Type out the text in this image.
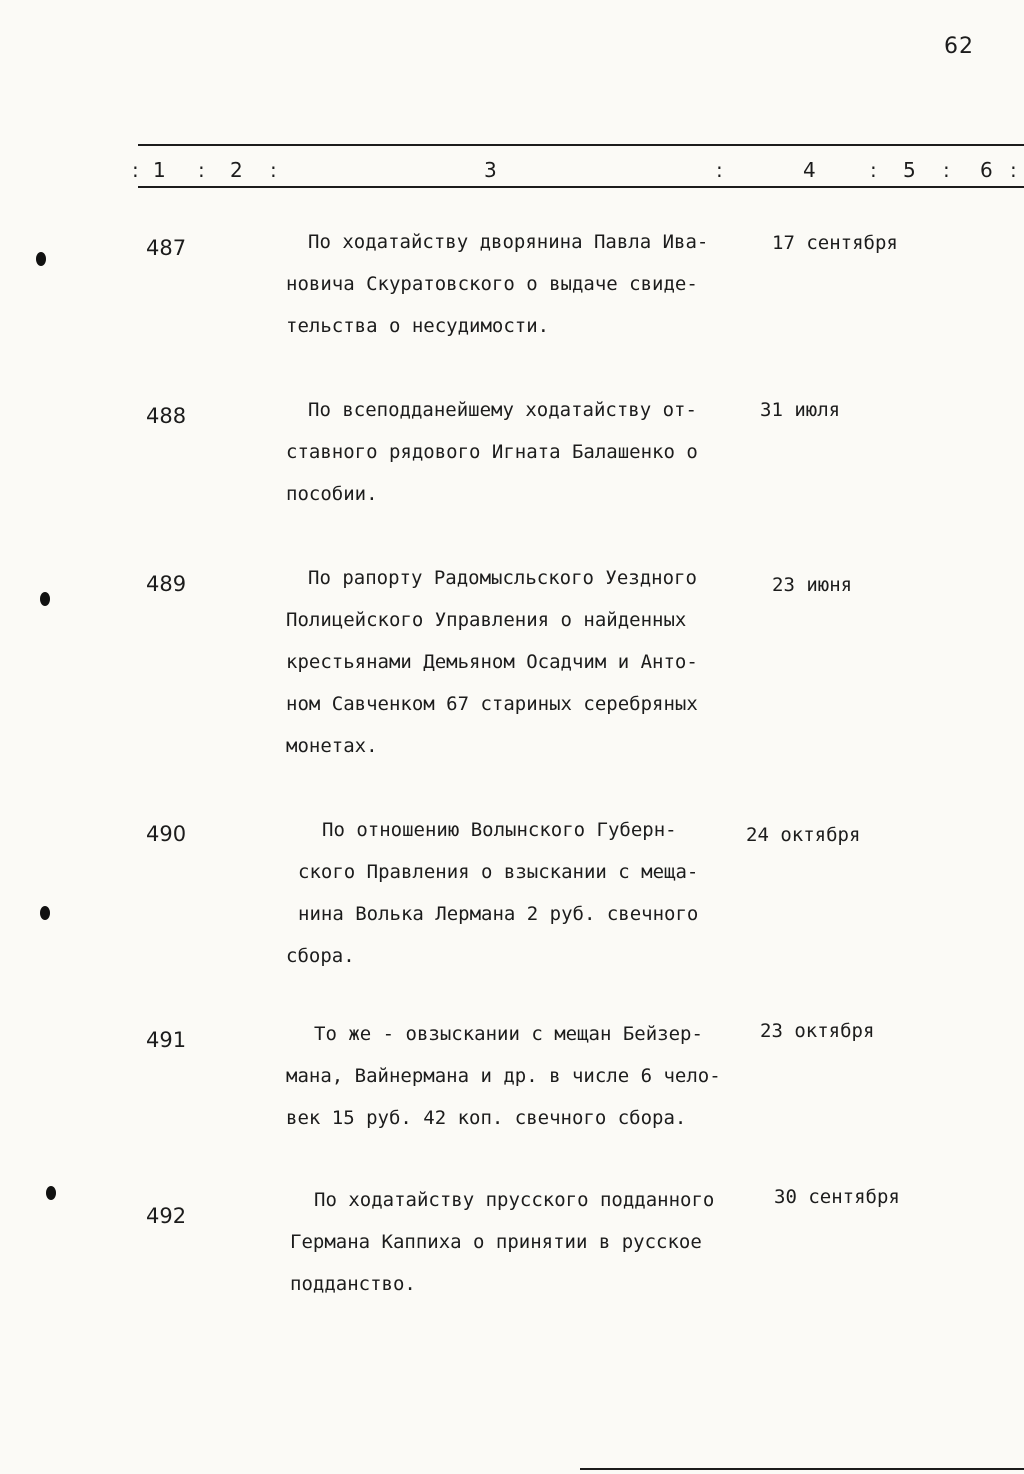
62
: 1 : 2 :	3	:	4	: 5 : 6 :
487	По ходатайству дворянина Павла Ива-
новича Скуратовского о выдаче свиде-
тельства о несудимости.
17 сентября
488	По всеподданейшему ходатайству от-
ставного рядового Игната Балашенко о
пособии.
31 июля
489	По рапорту Радомысльского Уездного
Полицейского Управления о найденных
крестьянами Демьяном Осадчим и Анто-
ном Савченком 67 стариных серебряных
монетах.
23 июня
490	По отношению Волынского Губерн-
ского Правления о взыскании с меща-
нина Волька Лермана 2 руб. свечного
сбора.
24 октября
491	То же - овзыскании с мещан Бейзер-
мана, Вайнермана и др. в числе 6 чело-
век 15 руб. 42 коп. свечного сбора.
23 октября
492
По ходатайству прусского подданного
Германа Каппиха о принятии в русское
подданство.
30 сентября
